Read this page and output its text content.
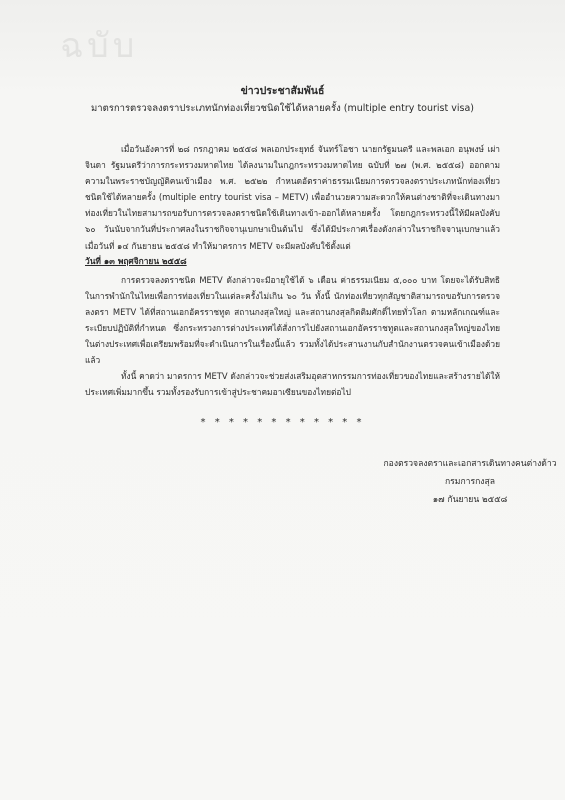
ฉบับ
ข่าวประชาสัมพันธ์
มาตรการตรวจลงตราประเภทนักท่องเที่ยวชนิดใช้ได้หลายครั้ง (multiple entry tourist visa)
เมื่อวันอังคารที่ ๒๘ กรกฎาคม ๒๕๕๘ พลเอกประยุทธ์ จันทร์โอชา นายกรัฐมนตรี และพลเอก อนุพงษ์ เผ่าจินดา รัฐมนตรีว่าการกระทรวงมหาดไทย ได้ลงนามในกฎกระทรวงมหาดไทย ฉบับที่ ๒๗ (พ.ศ. ๒๕๕๘) ออกตามความในพระราชบัญญัติคนเข้าเมือง พ.ศ. ๒๕๒๒ กำหนดอัตราค่าธรรมเนียมการตรวจลงตราประเภทนักท่องเที่ยวชนิดใช้ได้หลายครั้ง (multiple entry tourist visa – METV) เพื่ออำนวยความสะดวกให้คนต่างชาติที่จะเดินทางมาท่องเที่ยวในไทยสามารถขอรับการตรวจลงตราชนิดใช้เดินทางเข้า-ออกได้หลายครั้ง โดยกฎกระทรวงนี้ให้มีผลบังคับ ๖๐ วันนับจากวันที่ประกาศลงในราชกิจจานุเบกษาเป็นต้นไป ซึ่งได้มีประกาศเรื่องดังกล่าวในราชกิจจานุเบกษาแล้วเมื่อวันที่ ๑๔ กันยายน ๒๕๕๘ ทำให้มาตรการ METV จะมีผลบังคับใช้ตั้งแต่
วันที่ ๑๓ พฤศจิกายน ๒๕๕๘
การตรวจลงตราชนิด METV ดังกล่าวจะมีอายุใช้ได้ ๖ เดือน ค่าธรรมเนียม ๕,๐๐๐ บาท โดยจะได้รับสิทธิในการพำนักในไทยเพื่อการท่องเที่ยวในแต่ละครั้งไม่เกิน ๖๐ วัน ทั้งนี้ นักท่องเที่ยวทุกสัญชาติสามารถขอรับการตรวจลงตรา METV ได้ที่สถานเอกอัครราชทูต สถานกงสุลใหญ่ และสถานกงสุลกิตติมศักดิ์ไทยทั่วโลก ตามหลักเกณฑ์และระเบียบปฏิบัติที่กำหนด ซึ่งกระทรวงการต่างประเทศได้สั่งการไปยังสถานเอกอัครราชทูตและสถานกงสุลใหญ่ของไทยในต่างประเทศเพื่อเตรียมพร้อมที่จะดำเนินการในเรื่องนี้แล้ว รวมทั้งได้ประสานงานกับสำนักงานตรวจคนเข้าเมืองด้วยแล้ว
ทั้งนี้ คาดว่า มาตรการ METV ดังกล่าวจะช่วยส่งเสริมอุตสาหกรรมการท่องเที่ยวของไทยและสร้างรายได้ให้ประเทศเพิ่มมากขึ้น รวมทั้งรองรับการเข้าสู่ประชาคมอาเซียนของไทยต่อไป
* * * * * * * * * * * *
กองตรวจลงตราและเอกสารเดินทางคนต่างด้าว
กรมการกงสุล
๑๗ กันยายน ๒๕๕๘
